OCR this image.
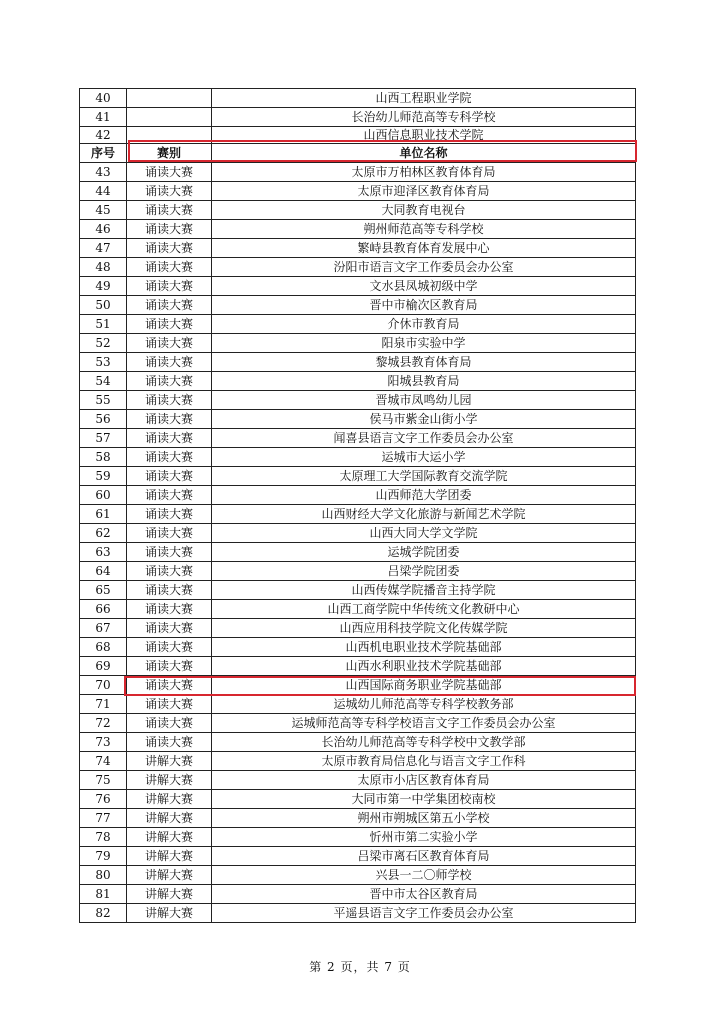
40		山西工程职业学院
41		长治幼儿师范高等专科学校
42		山西信息职业技术学院
序号	赛别	单位名称
43	诵读大赛	太原市万柏林区教育体育局
44	诵读大赛	太原市迎泽区教育体育局
45	诵读大赛	大同教育电视台
46	诵读大赛	朔州师范高等专科学校
47	诵读大赛	繁峙县教育体育发展中心
48	诵读大赛	汾阳市语言文字工作委员会办公室
49	诵读大赛	文水县凤城初级中学
50	诵读大赛	晋中市榆次区教育局
51	诵读大赛	介休市教育局
52	诵读大赛	阳泉市实验中学
53	诵读大赛	黎城县教育体育局
54	诵读大赛	阳城县教育局
55	诵读大赛	晋城市凤鸣幼儿园
56	诵读大赛	侯马市紫金山街小学
57	诵读大赛	闻喜县语言文字工作委员会办公室
58	诵读大赛	运城市大运小学
59	诵读大赛	太原理工大学国际教育交流学院
60	诵读大赛	山西师范大学团委
61	诵读大赛	山西财经大学文化旅游与新闻艺术学院
62	诵读大赛	山西大同大学文学院
63	诵读大赛	运城学院团委
64	诵读大赛	吕梁学院团委
65	诵读大赛	山西传媒学院播音主持学院
66	诵读大赛	山西工商学院中华传统文化教研中心
67	诵读大赛	山西应用科技学院文化传媒学院
68	诵读大赛	山西机电职业技术学院基础部
69	诵读大赛	山西水利职业技术学院基础部
70	诵读大赛	山西国际商务职业学院基础部
71	诵读大赛	运城幼儿师范高等专科学校教务部
72	诵读大赛	运城师范高等专科学校语言文字工作委员会办公室
73	诵读大赛	长治幼儿师范高等专科学校中文教学部
74	讲解大赛	太原市教育局信息化与语言文字工作科
75	讲解大赛	太原市小店区教育体育局
76	讲解大赛	大同市第一中学集团校南校
77	讲解大赛	朔州市朔城区第五小学校
78	讲解大赛	忻州市第二实验小学
79	讲解大赛	吕梁市离石区教育体育局
80	讲解大赛	兴县一二〇师学校
81	讲解大赛	晋中市太谷区教育局
82	讲解大赛	平遥县语言文字工作委员会办公室
第 2 页，共 7 页
